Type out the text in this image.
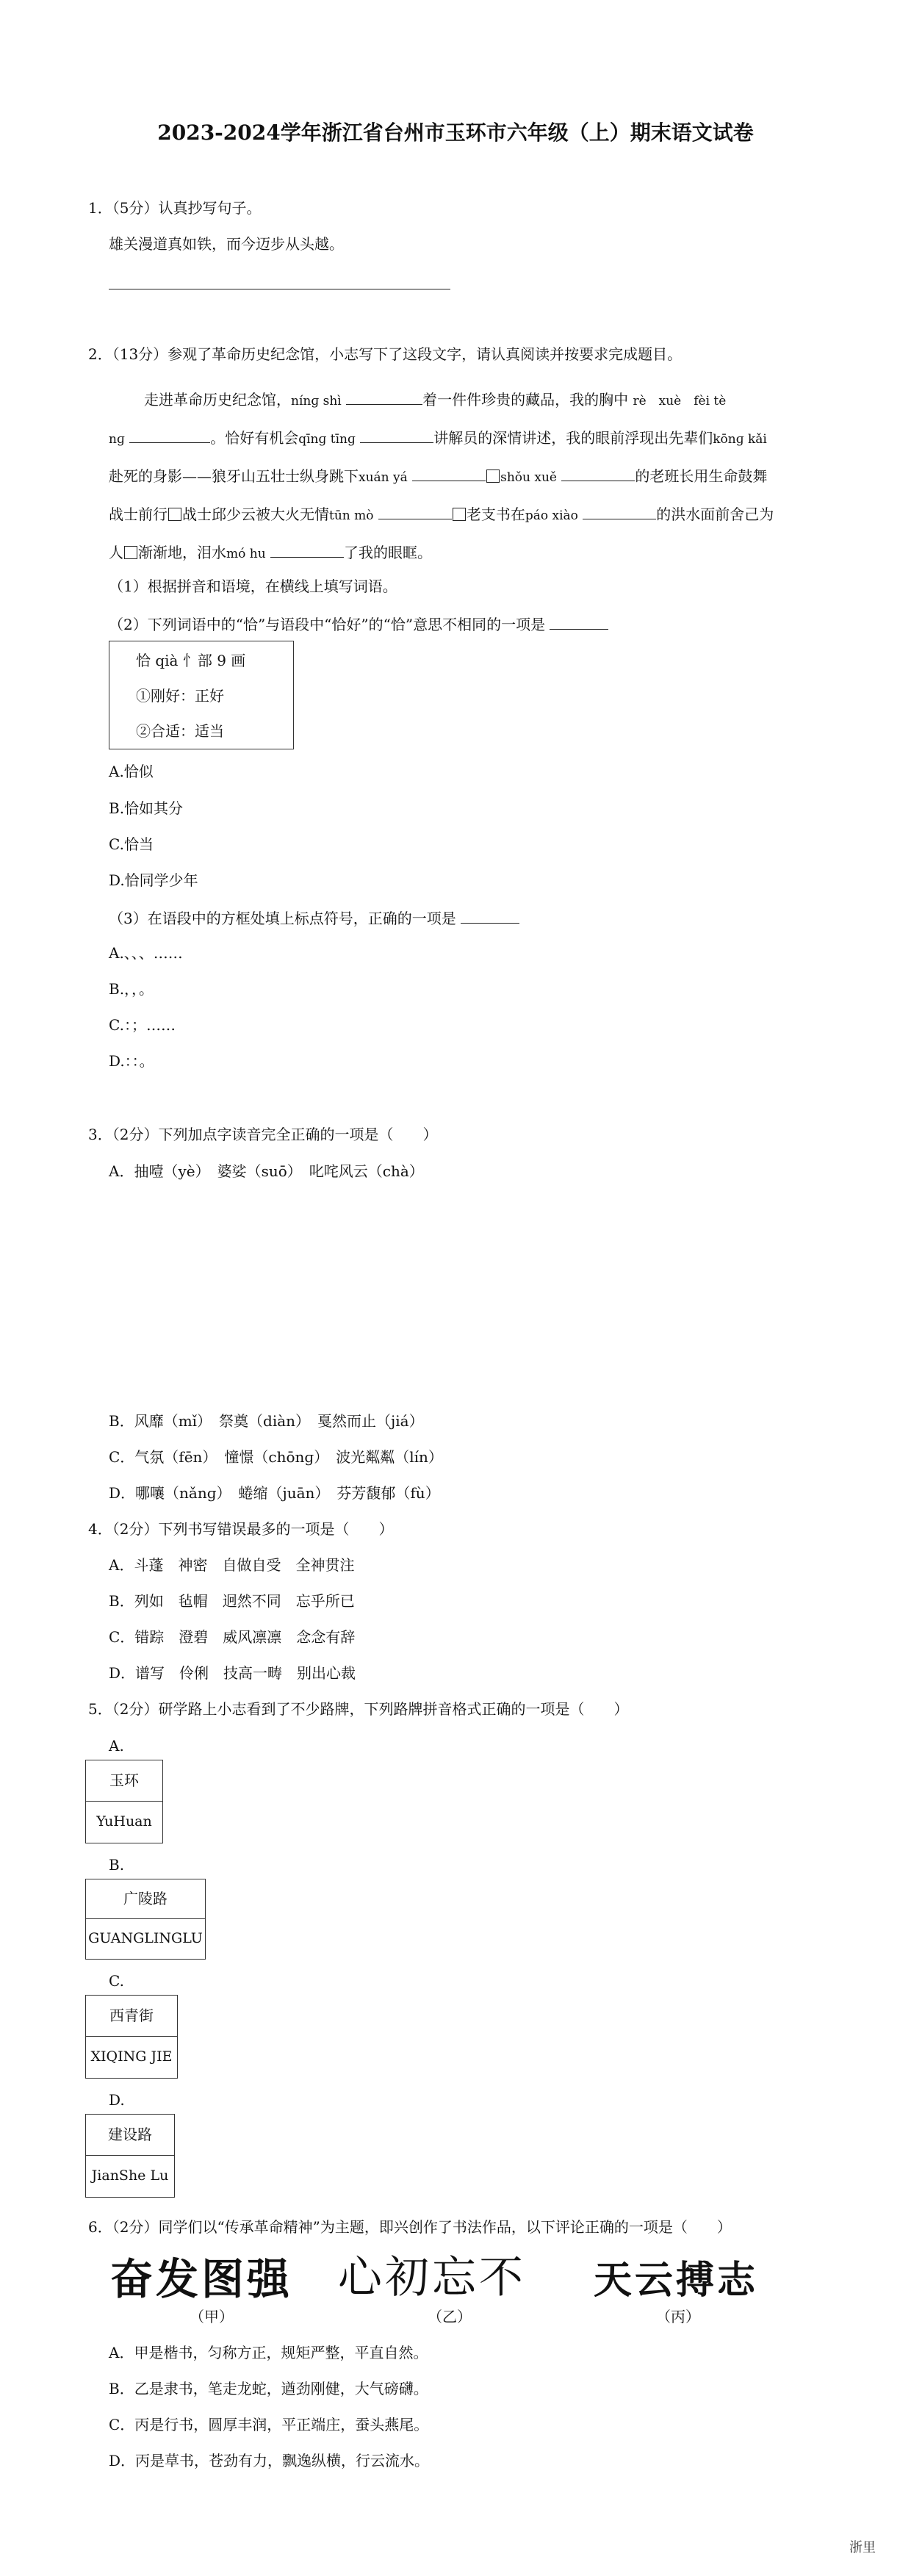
2023-2024学年浙江省台州市玉环市六年级（上）期末语文试卷
1．（5分）认真抄写句子。
雄关漫道真如铁，而今迈步从头越。
2．（13分）参观了革命历史纪念馆，小志写下了这段文字，请认真阅读并按要求完成题目。
走进革命历史纪念馆，nínɡ shì	着一件件珍贵的藏品，我的胸中 rè　xuè　fèi tè
nɡ	。恰好有机会qīnɡ tīnɡ	讲解员的深情讲述，我的眼前浮现出先辈们kōnɡ kǎi
赴死的身影——狼牙山五壮士纵身跳下xuán yá	shǒu xuě	的老班长用生命鼓舞
战士前行 战士邱少云被大火无情tūn mò	老支书在páo xiào	的洪水面前舍己为
人 渐渐地，泪水mó hu	了我的眼眶。
（1）根据拼音和语境，在横线上填写词语。
（2）下列词语中的“恰”与语段中“恰好”的“恰”意思不相同的一项是
恰 qià 忄部 9 画
①刚好：正好
②合适：适当
A.恰似
B.恰如其分
C.恰当
D.恰同学少年
（3）在语段中的方框处填上标点符号，正确的一项是
A.、、、……
B.，，。
C.：；……
D.：：。
3．（2分）下列加点字读音完全正确的一项是（　　）
A．抽噎（yè）　婆娑（suō）　叱咤风云（chà）
B．风靡（mǐ）　祭奠（diàn）　戛然而止（jiá）
C．气氛（fēn）　憧憬（chōnɡ）　波光粼粼（lín）
D．哪嚷（nǎnɡ）　蜷缩（juān）　芬芳馥郁（fù）
4．（2分）下列书写错误最多的一项是（　　）
A．斗蓬　神密　自做自受　全神贯注
B．列如　毡帽　迥然不同　忘乎所已
C．错踪　澄碧　威风凛凛　念念有辞
D．谱写　伶俐　技高一畴　别出心裁
5．（2分）研学路上小志看到了不少路牌，下列路牌拼音格式正确的一项是（　　）
A.
玉环
YuHuan
B.
广陵路
GUANGLINGLU
C.
西青街
XIQING JIE
D.
建设路
JianShe Lu
6．（2分）同学们以“传承革命精神”为主题，即兴创作了书法作品，以下评论正确的一项是（　　）
奋发图强 心初忘不 天云搏志
（甲）	（乙）	（丙）
A．甲是楷书，匀称方正，规矩严整，平直自然。
B．乙是隶书，笔走龙蛇，遒劲刚健，大气磅礴。
C．丙是行书，圆厚丰润，平正端庄，蚕头燕尾。
D．丙是草书，苍劲有力，飘逸纵横，行云流水。
浙里
